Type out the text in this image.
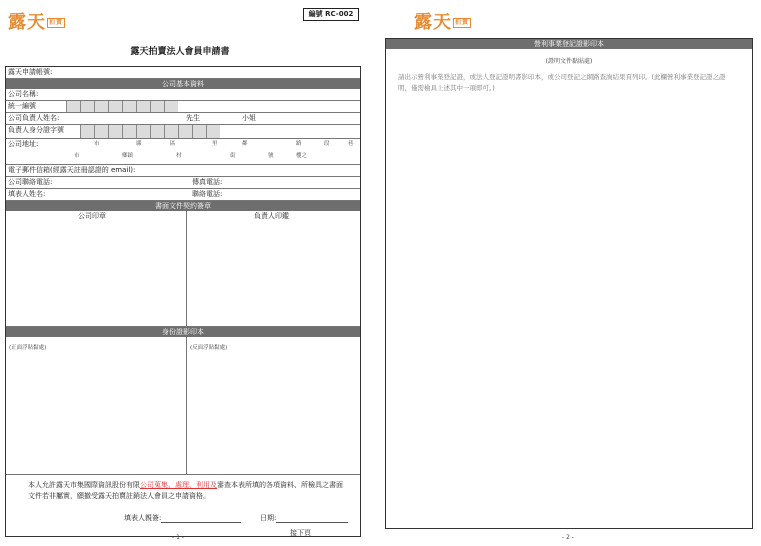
露天 拍賣
編號 RC-002
露天拍賣法人會員申請書
露天申請帳號:
公司基本資料
公司名稱:
統一編號
公司負責人姓名:	先生	小姐
負責人身分證字號
公司地址:	市	縣	區	里	鄰	路	段	巷
市	鄉鎮	村	街	號	樓之
電子郵件信箱(經露天註冊認證的 email):
公司聯絡電話:	傳真電話:
填表人姓名:	聯絡電話:
書面文件契約簽章
公司印章	負責人印鑑
身份證影印本
(正面浮貼黏處)	(反面浮貼黏處)
本人允許露天市集國際資訊股份有限公司蒐集、處理、利用及審查本表所填的各項資料、所檢具之書面文件若非屬實，願撤受露天拍賣註銷法人會員之申請資格。
填表人親簽:	日期:
- 1 -
接下頁
露天 拍賣
營利事業登記證影印本
(證明文件黏貼處)
請出示營利事業登記證，或法人登記證明書影印本，或公司登記之網路查詢結果頁列印。(此欄營利事業登記證之證明，僅需檢具上述其中一項即可。)
- 2 -
